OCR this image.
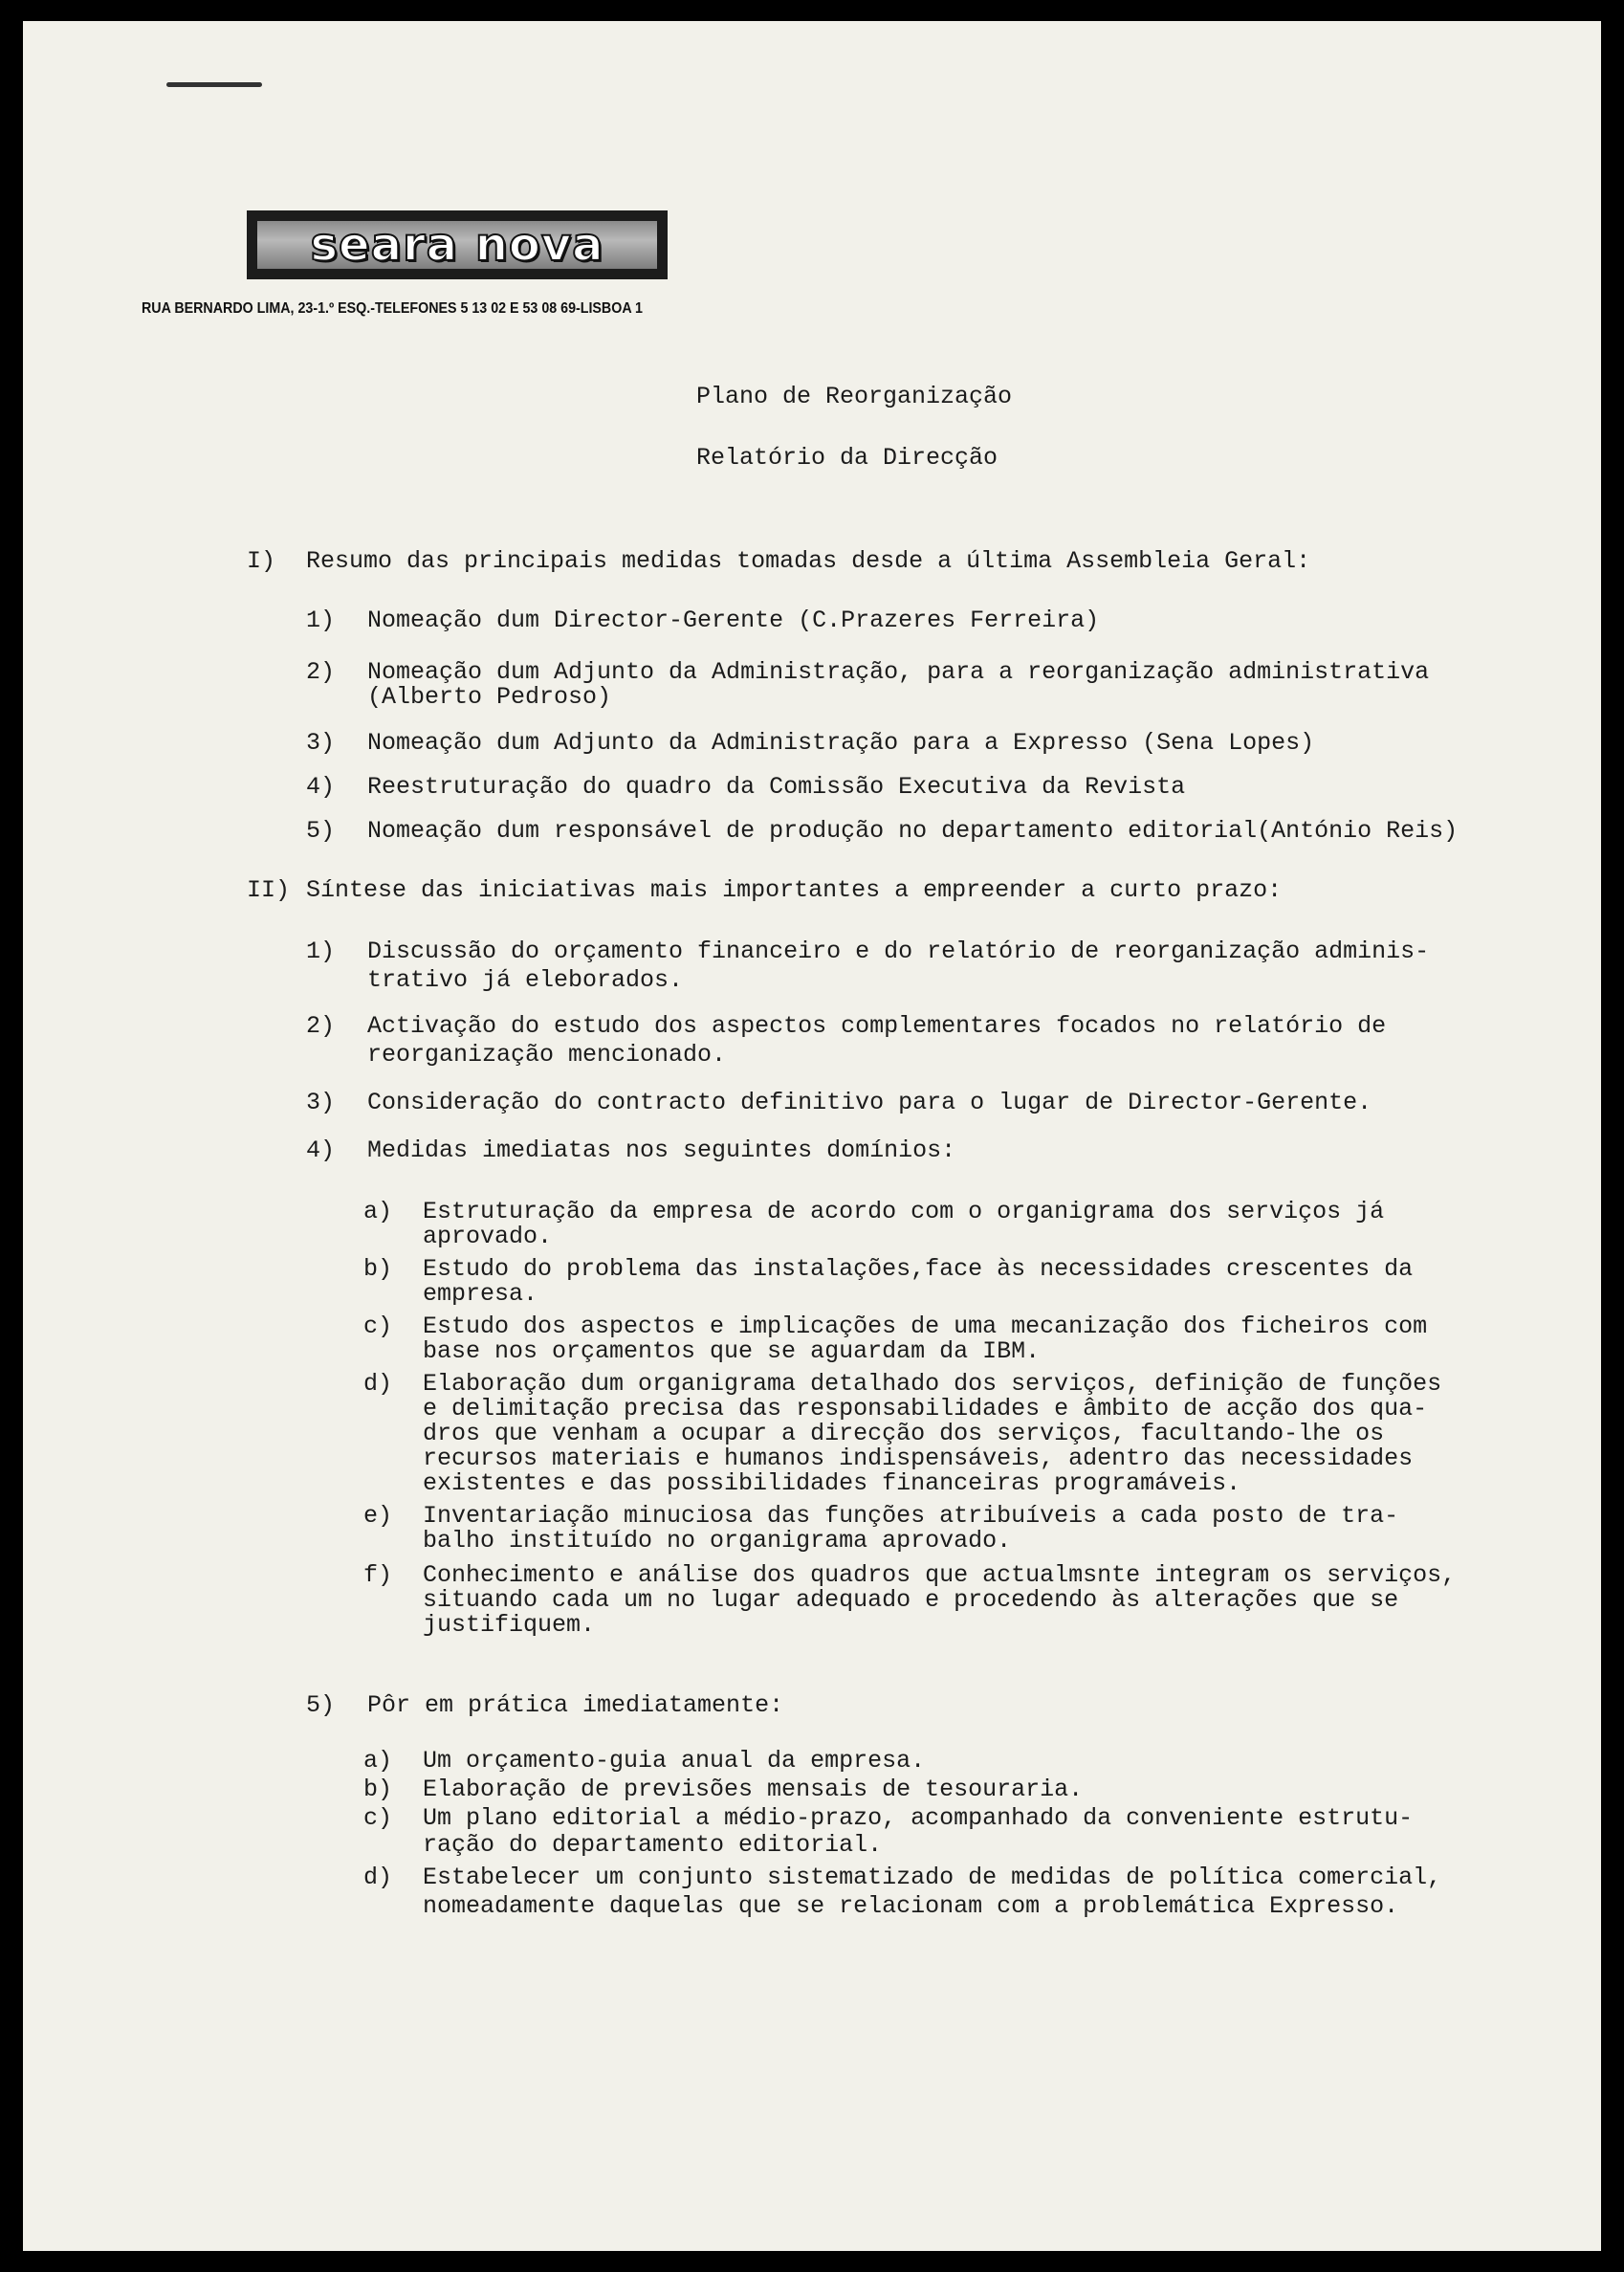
seara nova
RUA BERNARDO LIMA, 23-1.º ESQ.-TELEFONES 5 13 02 E 53 08 69-LISBOA 1
Plano de Reorganização
Relatório da Direcção
I) Resumo das principais medidas tomadas desde a última Assembleia Geral:
1) Nomeação dum Director-Gerente (C.Prazeres Ferreira)
2) Nomeação dum Adjunto da Administração, para a reorganização administrativa
(Alberto Pedroso)
3) Nomeação dum Adjunto da Administração para a Expresso (Sena Lopes)
4) Reestruturação do quadro da Comissão Executiva da Revista
5) Nomeação dum responsável de produção no departamento editorial(António Reis)
II) Síntese das iniciativas mais importantes a empreender a curto prazo:
1) Discussão do orçamento financeiro e do relatório de reorganização adminis-
trativo já eleborados.
2) Activação do estudo dos aspectos complementares focados no relatório de
reorganização mencionado.
3) Consideração do contracto definitivo para o lugar de Director-Gerente.
4) Medidas imediatas nos seguintes domínios:
a) Estruturação da empresa de acordo com o organigrama dos serviços já
aprovado.
b) Estudo do problema das instalações,face às necessidades crescentes da
empresa.
c) Estudo dos aspectos e implicações de uma mecanização dos ficheiros com
base nos orçamentos que se aguardam da IBM.
d) Elaboração dum organigrama detalhado dos serviços, definição de funções
e delimitação precisa das responsabilidades e âmbito de acção dos qua-
dros que venham a ocupar a direcção dos serviços, facultando-lhe os
recursos materiais e humanos indispensáveis, adentro das necessidades
existentes e das possibilidades financeiras programáveis.
e) Inventariação minuciosa das funções atribuíveis a cada posto de tra-
balho instituído no organigrama aprovado.
f) Conhecimento e análise dos quadros que actualmsnte integram os serviços,
situando cada um no lugar adequado e procedendo às alterações que se
justifiquem.
5) Pôr em prática imediatamente:
a) Um orçamento-guia anual da empresa.
b) Elaboração de previsões mensais de tesouraria.
c) Um plano editorial a médio-prazo, acompanhado da conveniente estrutu-
ração do departamento editorial.
d) Estabelecer um conjunto sistematizado de medidas de política comercial,
nomeadamente daquelas que se relacionam com a problemática Expresso.
